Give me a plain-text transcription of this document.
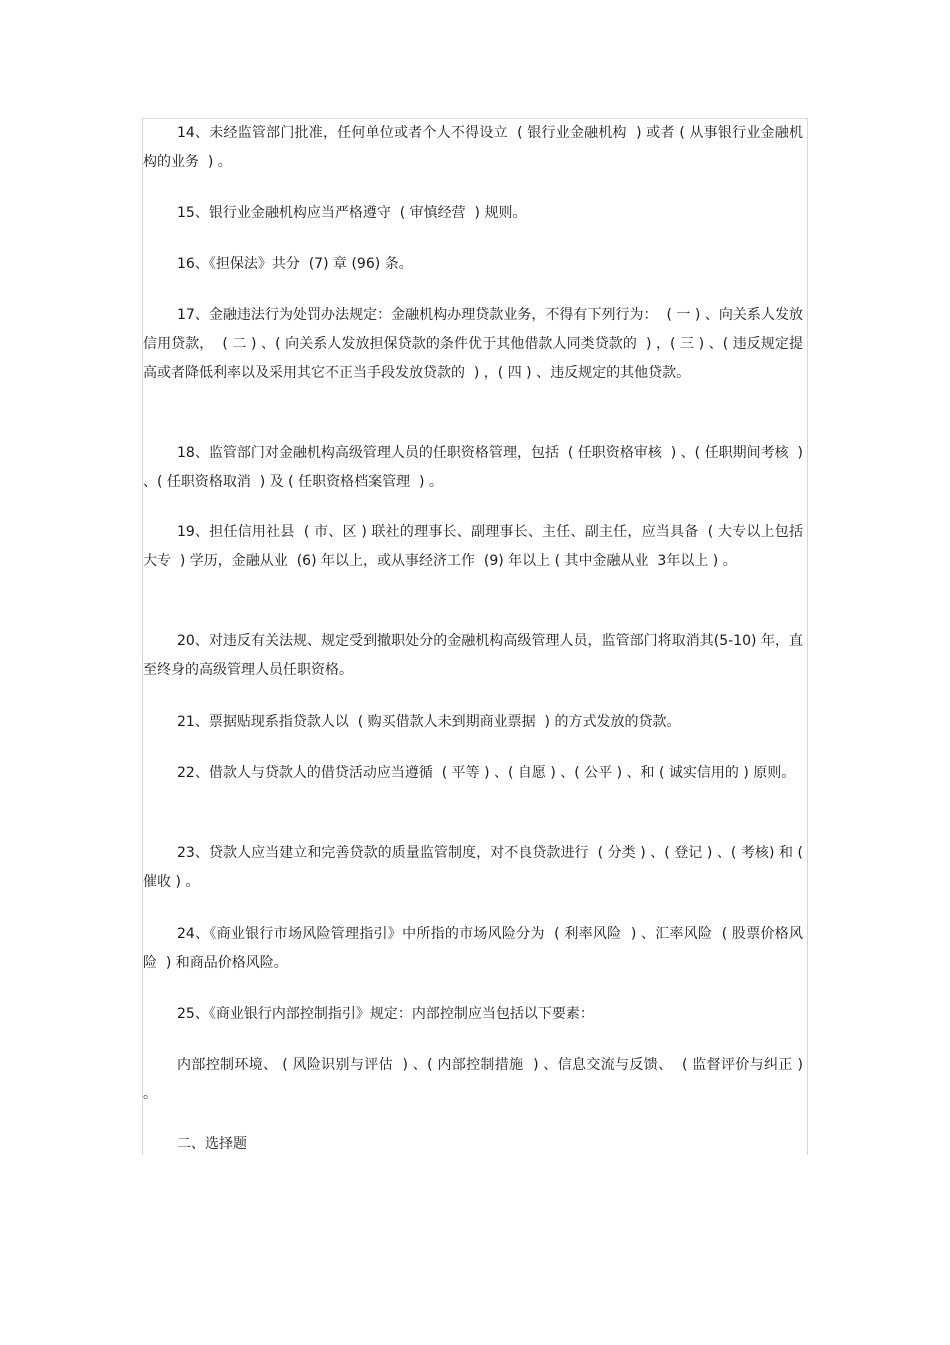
14、未经监管部门批准，任何单位或者个人不得设立  ( 银行业金融机构  ) 或者 ( 从事银行业金融机构的业务  ) 。

15、银行业金融机构应当严格遵守  ( 审慎经营  ) 规则。

16、《担保法》共分  (7) 章 (96) 条。

17、金融违法行为处罚办法规定：金融机构办理贷款业务，不得有下列行为：  ( 一 ) 、向关系人发放信用贷款，  ( 二 ) 、( 向关系人发放担保贷款的条件优于其他借款人同类贷款的  ) ，( 三 ) 、( 违反规定提高或者降低利率以及采用其它不正当手段发放贷款的  ) ，( 四 ) 、违反规定的其他贷款。

18、监管部门对金融机构高级管理人员的任职资格管理，包括  ( 任职资格审核  ) 、( 任职期间考核  ) 、( 任职资格取消  ) 及 ( 任职资格档案管理  ) 。

19、担任信用社县  ( 市、区 ) 联社的理事长、副理事长、主任、副主任，应当具备  ( 大专以上包括大专  ) 学历，金融从业  (6) 年以上，或从事经济工作  (9) 年以上 ( 其中金融从业  3年以上 ) 。

20、对违反有关法规、规定受到撤职处分的金融机构高级管理人员，监管部门将取消其(5-10) 年，直至终身的高级管理人员任职资格。

21、票据贴现系指贷款人以  ( 购买借款人未到期商业票据  ) 的方式发放的贷款。

22、借款人与贷款人的借贷活动应当遵循  ( 平等 ) 、( 自愿 ) 、( 公平 ) 、和 ( 诚实信用的 ) 原则。

23、贷款人应当建立和完善贷款的质量监管制度，对不良贷款进行  ( 分类 ) 、( 登记 ) 、( 考核) 和 ( 催收 ) 。

24、《商业银行市场风险管理指引》中所指的市场风险分为  ( 利率风险  ) 、汇率风险  ( 股票价格风险  ) 和商品价格风险。

25、《商业银行内部控制指引》规定：内部控制应当包括以下要素：

内部控制环境、 ( 风险识别与评估  ) 、( 内部控制措施  ) 、信息交流与反馈、  ( 监督评价与纠正 ) 。

二、选择题
